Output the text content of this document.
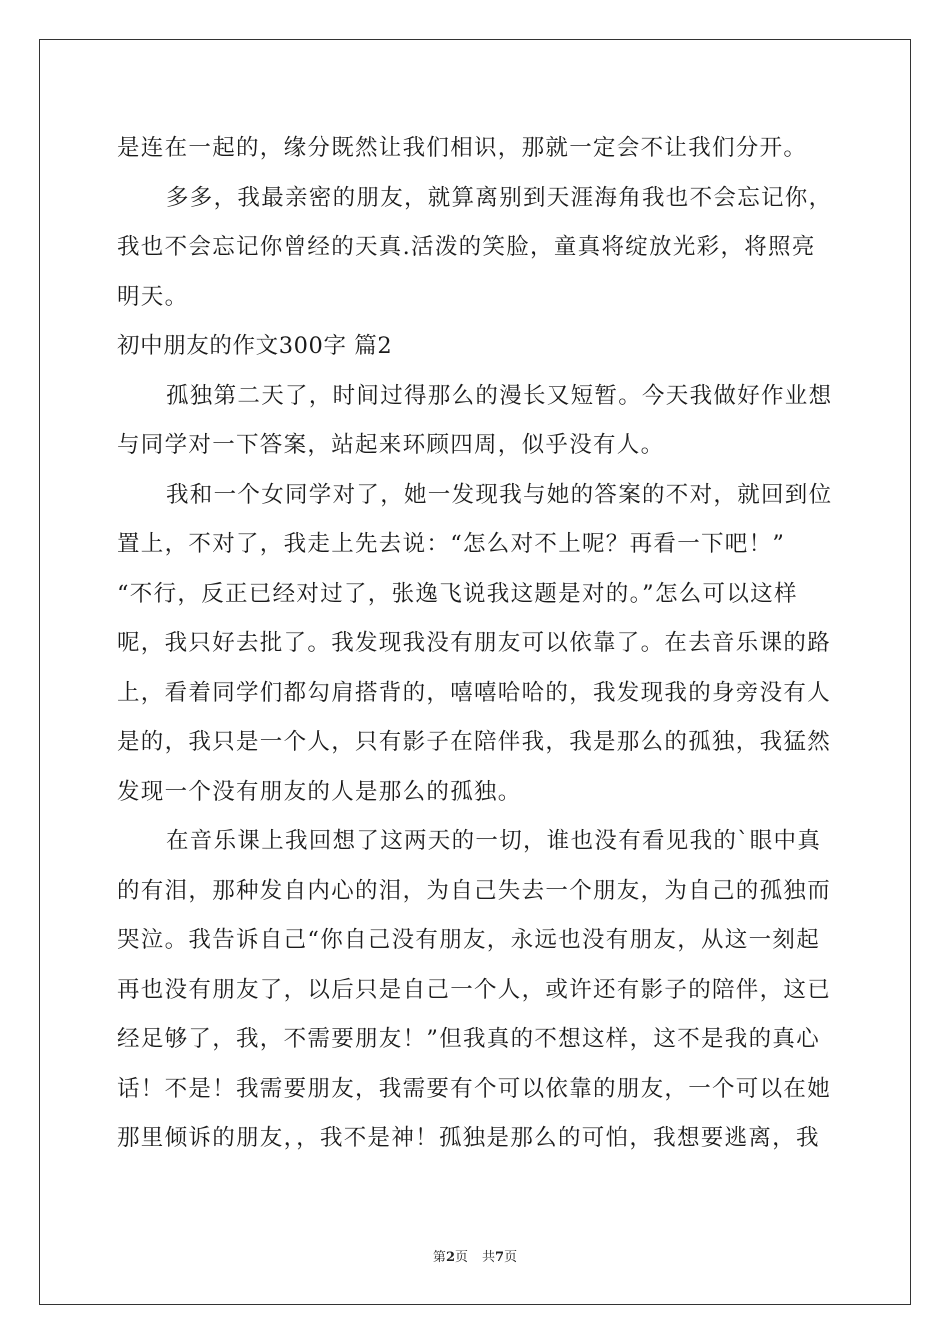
是连在一起的，缘分既然让我们相识，那就一定会不让我们分开。
多多，我最亲密的朋友，就算离别到天涯海角我也不会忘记你，
我也不会忘记你曾经的天真.活泼的笑脸，童真将绽放光彩，将照亮
明天。
初中朋友的作文300字 篇2
孤独第二天了，时间过得那么的漫长又短暂。今天我做好作业想
与同学对一下答案，站起来环顾四周，似乎没有人。
我和一个女同学对了，她一发现我与她的答案的不对，就回到位
置上，不对了，我走上先去说：“怎么对不上呢？再看一下吧！”
“不行，反正已经对过了，张逸飞说我这题是对的。”怎么可以这样
呢，我只好去批了。我发现我没有朋友可以依靠了。在去音乐课的路
上，看着同学们都勾肩搭背的，嘻嘻哈哈的，我发现我的身旁没有人
是的，我只是一个人，只有影子在陪伴我，我是那么的孤独，我猛然
发现一个没有朋友的人是那么的孤独。
在音乐课上我回想了这两天的一切，谁也没有看见我的`眼中真
的有泪，那种发自内心的泪，为自己失去一个朋友，为自己的孤独而
哭泣。我告诉自己“你自己没有朋友，永远也没有朋友，从这一刻起
再也没有朋友了，以后只是自己一个人，或许还有影子的陪伴，这已
经足够了，我，不需要朋友！”但我真的不想这样，这不是我的真心
话！不是！我需要朋友，我需要有个可以依靠的朋友，一个可以在她
那里倾诉的朋友，，我不是神！孤独是那么的可怕，我想要逃离，我
第2页 共7页
